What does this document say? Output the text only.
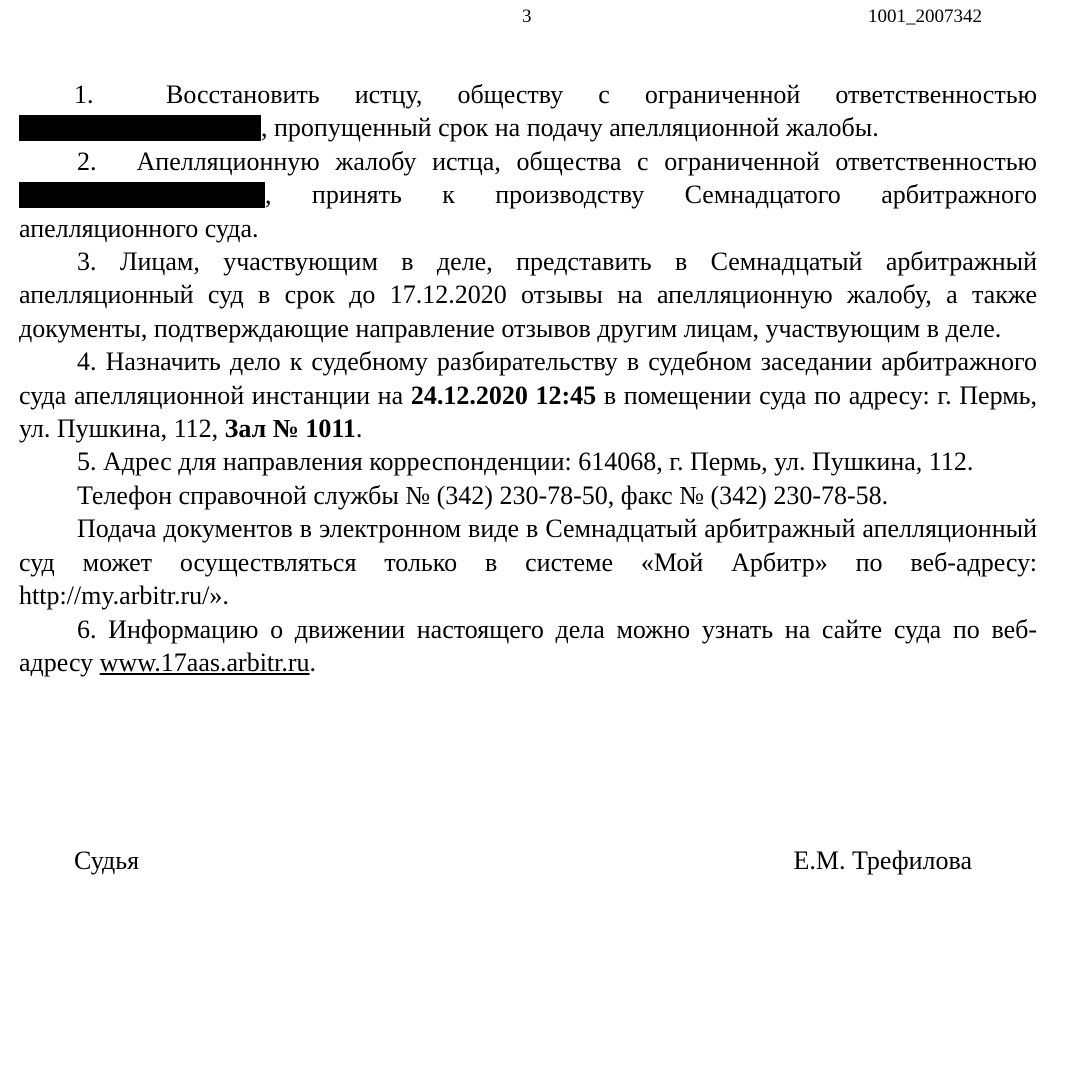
3	1001_2007342

1.	Восстановить истцу, обществу с ограниченной ответственностью , пропущенный срок на подачу апелляционной жалобы.

2. Апелляционную жалобу истца, общества с ограниченной ответственностью , принять к производству Семнадцатого арбитражного апелляционного суда.

3. Лицам, участвующим в деле, представить в Семнадцатый арбитражный апелляционный суд в срок до 17.12.2020 отзывы на апелляционную жалобу, а также документы, подтверждающие направление отзывов другим лицам, участвующим в деле.

4. Назначить дело к судебному разбирательству в судебном заседании арбитражного суда апелляционной инстанции на 24.12.2020 12:45 в помещении суда по адресу: г. Пермь, ул. Пушкина, 112, Зал № 1011.

5. Адрес для направления корреспонденции: 614068, г. Пермь, ул. Пушкина, 112.

Телефон справочной службы № (342) 230-78-50, факс № (342) 230-78-58.

Подача документов в электронном виде в Семнадцатый арбитражный апелляционный суд может осуществляться только в системе «Мой Арбитр» по веб-адресу: http://my.arbitr.ru/».

6. Информацию о движении настоящего дела можно узнать на сайте суда по веб-адресу www.17aas.arbitr.ru.

Судья	Е.М. Трефилова
